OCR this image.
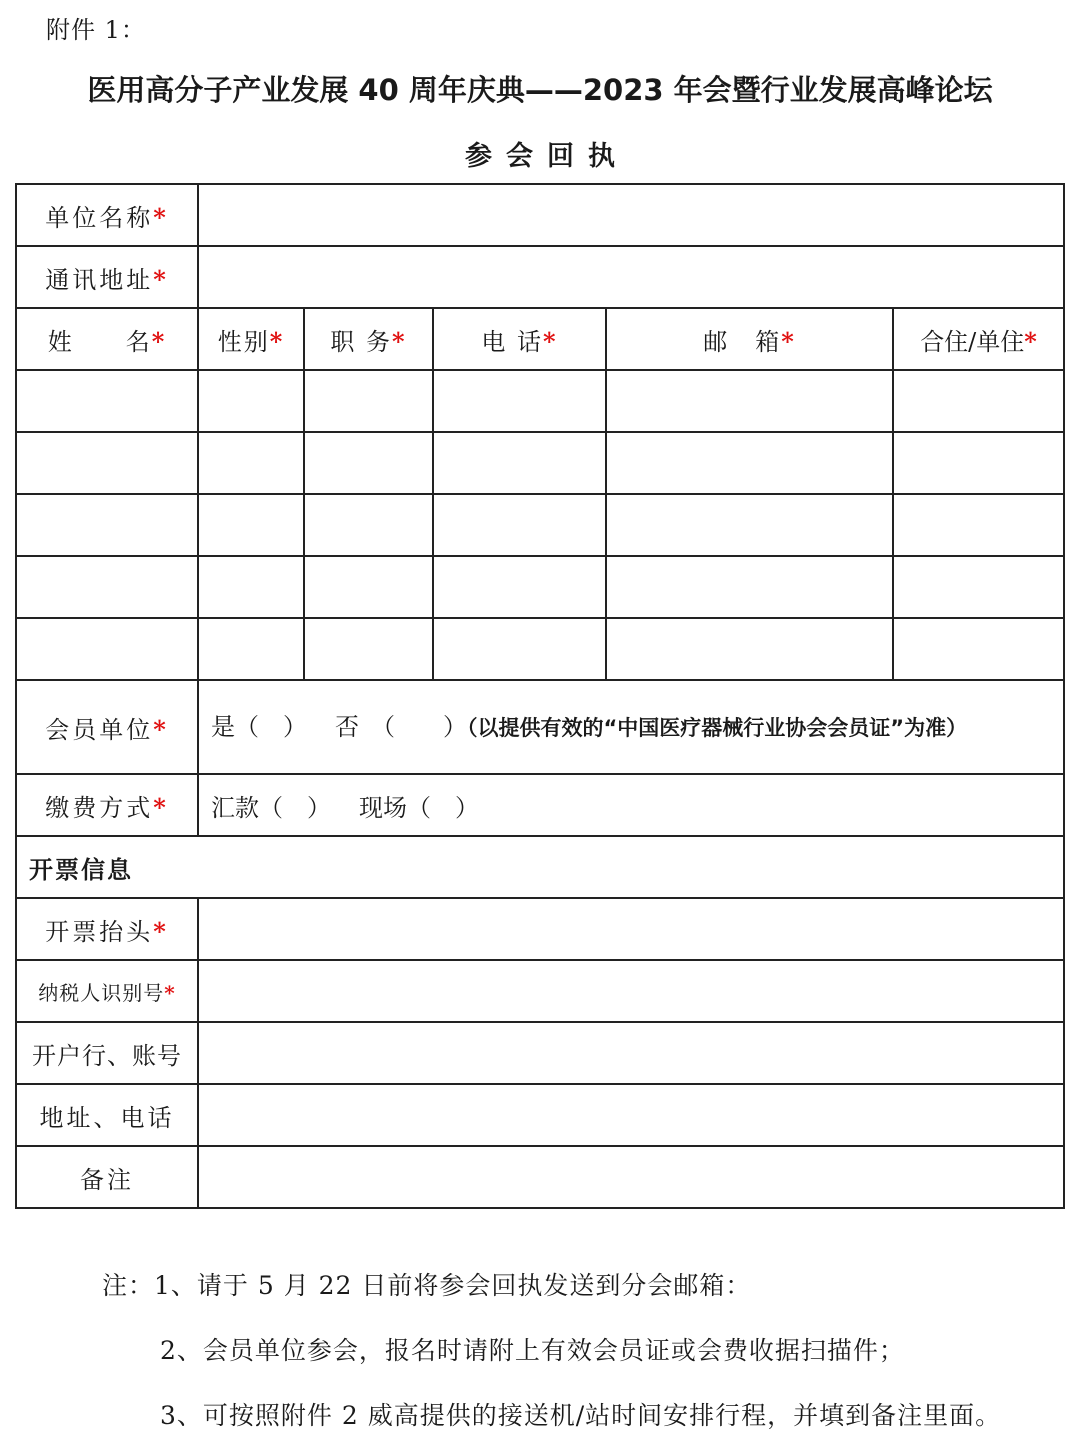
附件 1：
医用高分子产业发展 40 周年庆典——2023 年会暨行业发展高峰论坛
参会回执
单位名称*					
通讯地址*					
姓　　名*	性别*	职 务*	电 话*	邮　箱*	合住/单住*

会员单位*	是（　） 否　（　　）（以提供有效的“中国医疗器械行业协会会员证”为准）				
缴费方式*	汇款（　） 现场（　）				
开票信息					
开票抬头*					
纳税人识别号*					
开户行、账号					
地址、电话					
备注					
注：1、请于 5 月 22 日前将参会回执发送到分会邮箱：
2、会员单位参会，报名时请附上有效会员证或会费收据扫描件；
3、可按照附件 2 威高提供的接送机/站时间安排行程，并填到备注里面。
